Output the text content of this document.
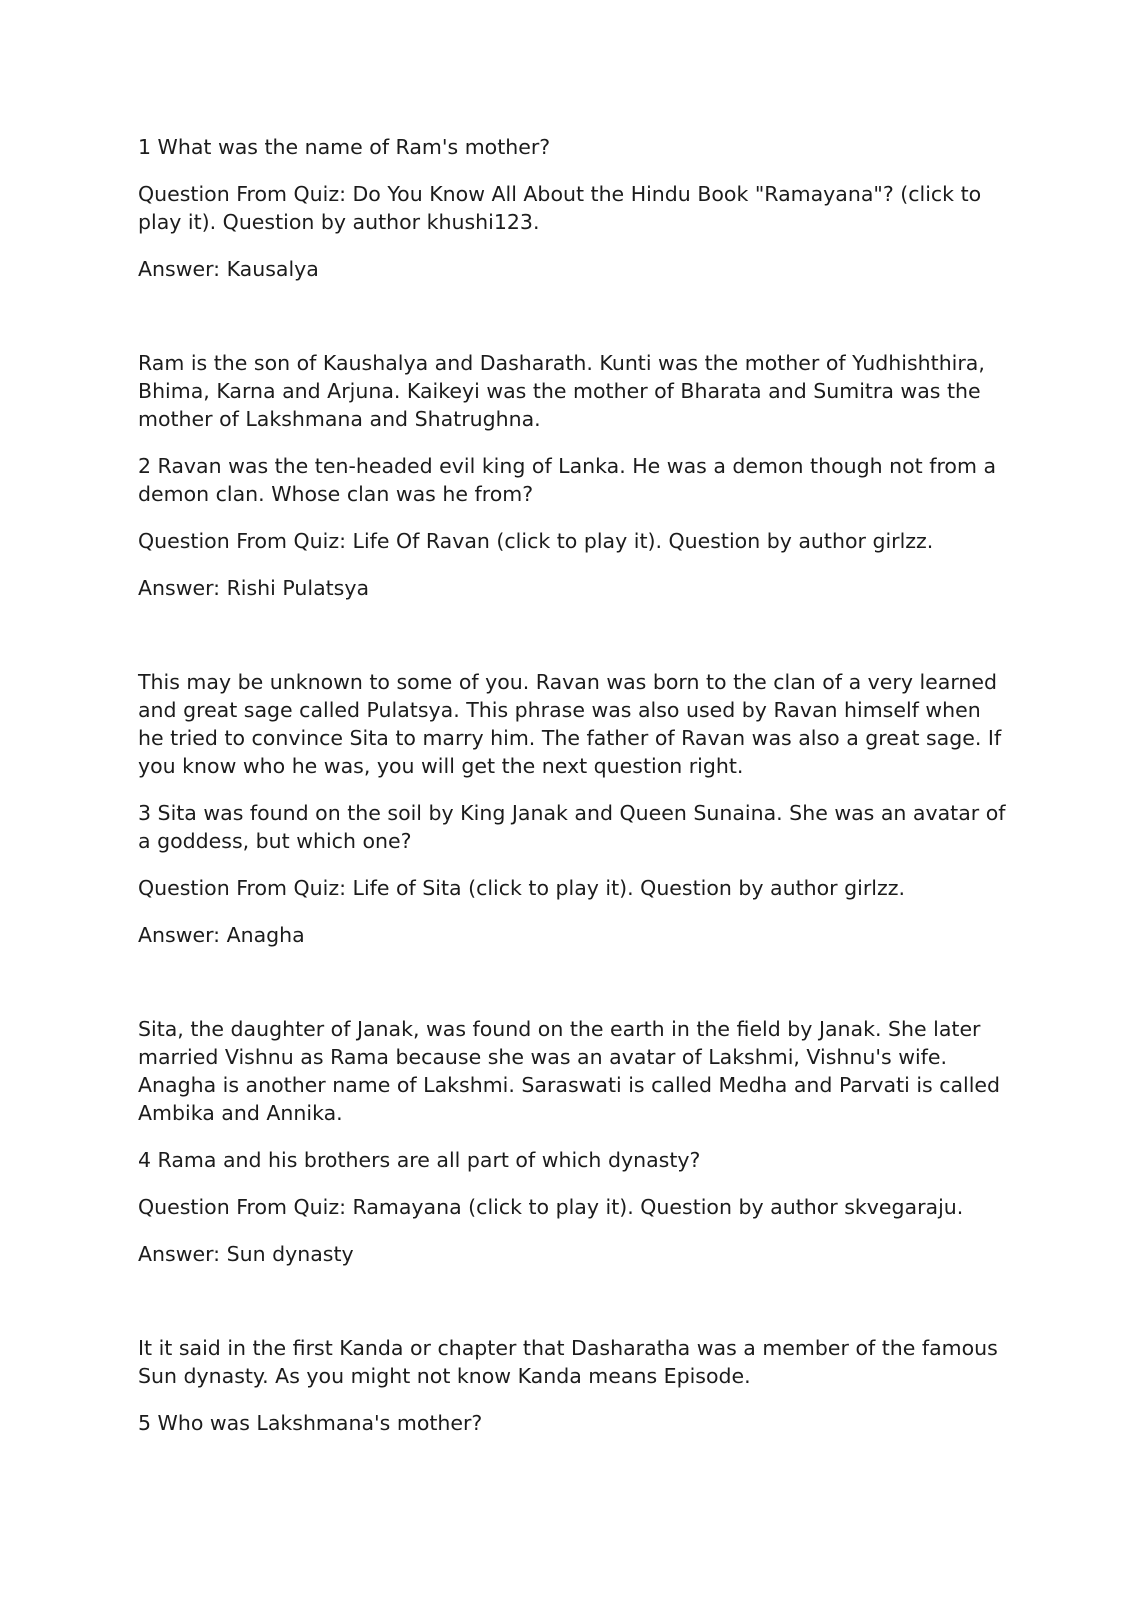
1 What was the name of Ram's mother?

Question From Quiz: Do You Know All About the Hindu Book "Ramayana"? (click to play it). Question by author khushi123.

Answer: Kausalya

Ram is the son of Kaushalya and Dasharath. Kunti was the mother of Yudhishthira, Bhima, Karna and Arjuna. Kaikeyi was the mother of Bharata and Sumitra was the mother of Lakshmana and Shatrughna.

2 Ravan was the ten-headed evil king of Lanka. He was a demon though not from a demon clan. Whose clan was he from?

Question From Quiz: Life Of Ravan (click to play it). Question by author girlzz.

Answer: Rishi Pulatsya

This may be unknown to some of you. Ravan was born to the clan of a very learned and great sage called Pulatsya. This phrase was also used by Ravan himself when he tried to convince Sita to marry him. The father of Ravan was also a great sage. If you know who he was, you will get the next question right.

3 Sita was found on the soil by King Janak and Queen Sunaina. She was an avatar of a goddess, but which one?

Question From Quiz: Life of Sita (click to play it). Question by author girlzz.

Answer: Anagha

Sita, the daughter of Janak, was found on the earth in the field by Janak. She later married Vishnu as Rama because she was an avatar of Lakshmi, Vishnu's wife. Anagha is another name of Lakshmi. Saraswati is called Medha and Parvati is called Ambika and Annika.

4 Rama and his brothers are all part of which dynasty?

Question From Quiz: Ramayana (click to play it). Question by author skvegaraju.

Answer: Sun dynasty

It it said in the first Kanda or chapter that Dasharatha was a member of the famous Sun dynasty. As you might not know Kanda means Episode.

5 Who was Lakshmana's mother?
